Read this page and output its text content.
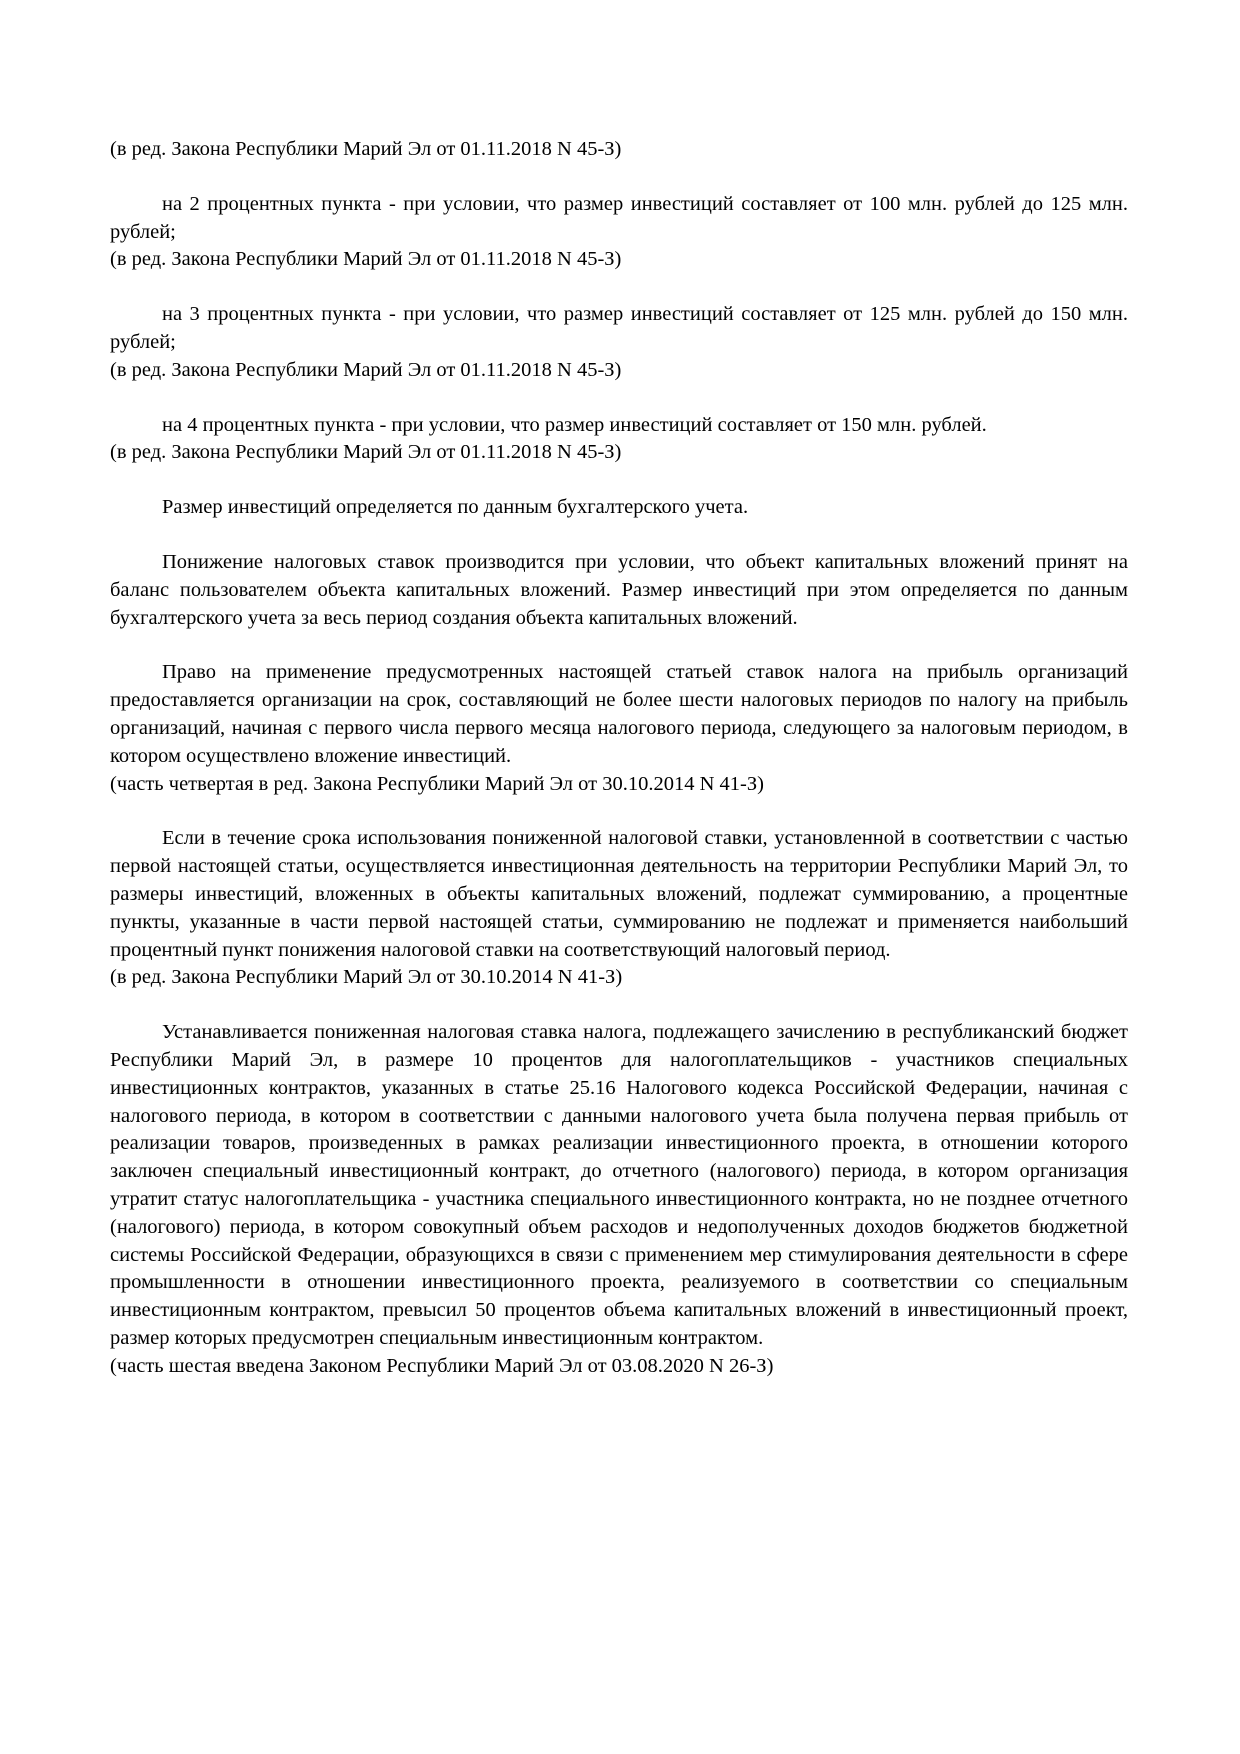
(в ред. Закона Республики Марий Эл от 01.11.2018 N 45-З)

на 2 процентных пункта - при условии, что размер инвестиций составляет от 100 млн. рублей до 125 млн. рублей;

(в ред. Закона Республики Марий Эл от 01.11.2018 N 45-З)

на 3 процентных пункта - при условии, что размер инвестиций составляет от 125 млн. рублей до 150 млн. рублей;

(в ред. Закона Республики Марий Эл от 01.11.2018 N 45-З)

на 4 процентных пункта - при условии, что размер инвестиций составляет от 150 млн. рублей.

(в ред. Закона Республики Марий Эл от 01.11.2018 N 45-З)

Размер инвестиций определяется по данным бухгалтерского учета.

Понижение налоговых ставок производится при условии, что объект капитальных вложений принят на баланс пользователем объекта капитальных вложений. Размер инвестиций при этом определяется по данным бухгалтерского учета за весь период создания объекта капитальных вложений.

Право на применение предусмотренных настоящей статьей ставок налога на прибыль организаций предоставляется организации на срок, составляющий не более шести налоговых периодов по налогу на прибыль организаций, начиная с первого числа первого месяца налогового периода, следующего за налоговым периодом, в котором осуществлено вложение инвестиций.

(часть четвертая в ред. Закона Республики Марий Эл от 30.10.2014 N 41-З)

Если в течение срока использования пониженной налоговой ставки, установленной в соответствии с частью первой настоящей статьи, осуществляется инвестиционная деятельность на территории Республики Марий Эл, то размеры инвестиций, вложенных в объекты капитальных вложений, подлежат суммированию, а процентные пункты, указанные в части первой настоящей статьи, суммированию не подлежат и применяется наибольший процентный пункт понижения налоговой ставки на соответствующий налоговый период.

(в ред. Закона Республики Марий Эл от 30.10.2014 N 41-З)

Устанавливается пониженная налоговая ставка налога, подлежащего зачислению в республиканский бюджет Республики Марий Эл, в размере 10 процентов для налогоплательщиков - участников специальных инвестиционных контрактов, указанных в статье 25.16 Налогового кодекса Российской Федерации, начиная с налогового периода, в котором в соответствии с данными налогового учета была получена первая прибыль от реализации товаров, произведенных в рамках реализации инвестиционного проекта, в отношении которого заключен специальный инвестиционный контракт, до отчетного (налогового) периода, в котором организация утратит статус налогоплательщика - участника специального инвестиционного контракта, но не позднее отчетного (налогового) периода, в котором совокупный объем расходов и недополученных доходов бюджетов бюджетной системы Российской Федерации, образующихся в связи с применением мер стимулирования деятельности в сфере промышленности в отношении инвестиционного проекта, реализуемого в соответствии со специальным инвестиционным контрактом, превысил 50 процентов объема капитальных вложений в инвестиционный проект, размер которых предусмотрен специальным инвестиционным контрактом.

(часть шестая введена Законом Республики Марий Эл от 03.08.2020 N 26-З)
